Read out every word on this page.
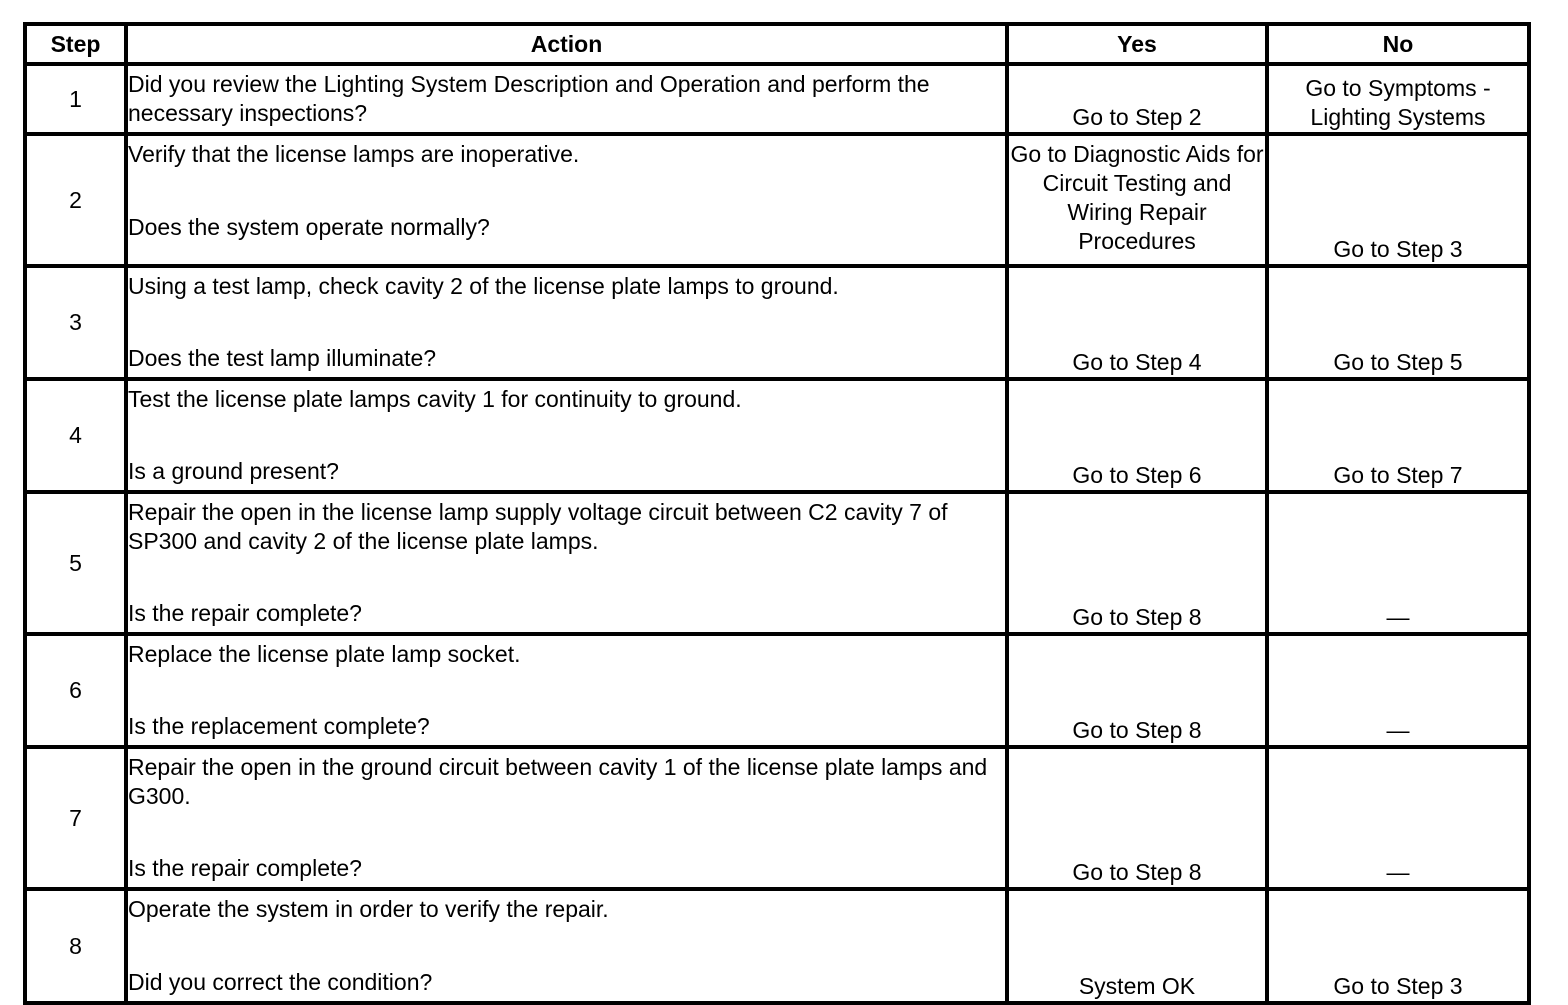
Step	Action	Yes	No
1	Did you review the Lighting System Description and Operation and perform the necessary inspections?	Go to Step 2	Go to Symptoms - Lighting Systems
2	Verify that the license lamps are inoperative.
Does the system operate normally?	Go to Diagnostic Aids for Circuit Testing and Wiring Repair Procedures	Go to Step 3
3	Using a test lamp, check cavity 2 of the license plate lamps to ground.
Does the test lamp illuminate?	Go to Step 4	Go to Step 5
4	Test the license plate lamps cavity 1 for continuity to ground.
Is a ground present?	Go to Step 6	Go to Step 7
5	Repair the open in the license lamp supply voltage circuit between C2 cavity 7 of SP300 and cavity 2 of the license plate lamps.
Is the repair complete?	Go to Step 8	—
6	Replace the license plate lamp socket.
Is the replacement complete?	Go to Step 8	—
7	Repair the open in the ground circuit between cavity 1 of the license plate lamps and G300.
Is the repair complete?	Go to Step 8	—
8	Operate the system in order to verify the repair.
Did you correct the condition?	System OK	Go to Step 3
